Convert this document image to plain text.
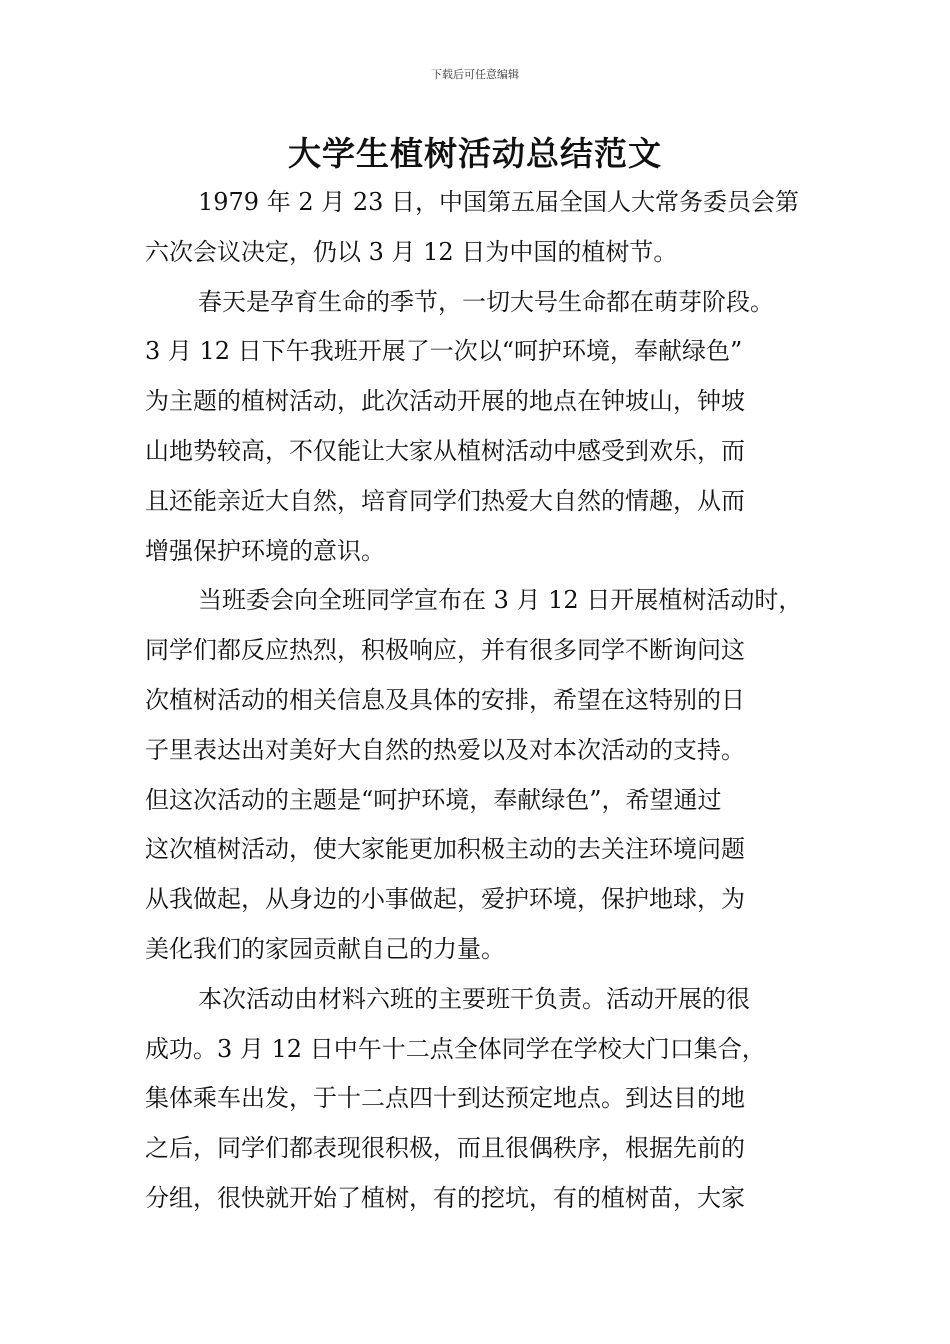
下载后可任意编辑
大学生植树活动总结范文
1979 年 2 月 23 日，中国第五届全国人大常务委员会第
六次会议决定，仍以 3 月 12 日为中国的植树节。
春天是孕育生命的季节，一切大号生命都在萌芽阶段。
3 月 12 日下午我班开展了一次以“呵护环境，奉献绿色”
为主题的植树活动，此次活动开展的地点在钟坡山，钟坡
山地势较高，不仅能让大家从植树活动中感受到欢乐，而
且还能亲近大自然，培育同学们热爱大自然的情趣，从而
增强保护环境的意识。
当班委会向全班同学宣布在 3 月 12 日开展植树活动时，
同学们都反应热烈，积极响应，并有很多同学不断询问这
次植树活动的相关信息及具体的安排，希望在这特别的日
子里表达出对美好大自然的热爱以及对本次活动的支持。
但这次活动的主题是“呵护环境，奉献绿色”，希望通过
这次植树活动，使大家能更加积极主动的去关注环境问题
从我做起，从身边的小事做起，爱护环境，保护地球，为
美化我们的家园贡献自己的力量。
本次活动由材料六班的主要班干负责。活动开展的很
成功。3 月 12 日中午十二点全体同学在学校大门口集合，
集体乘车出发，于十二点四十到达预定地点。到达目的地
之后，同学们都表现很积极，而且很偶秩序，根据先前的
分组，很快就开始了植树，有的挖坑，有的植树苗，大家
